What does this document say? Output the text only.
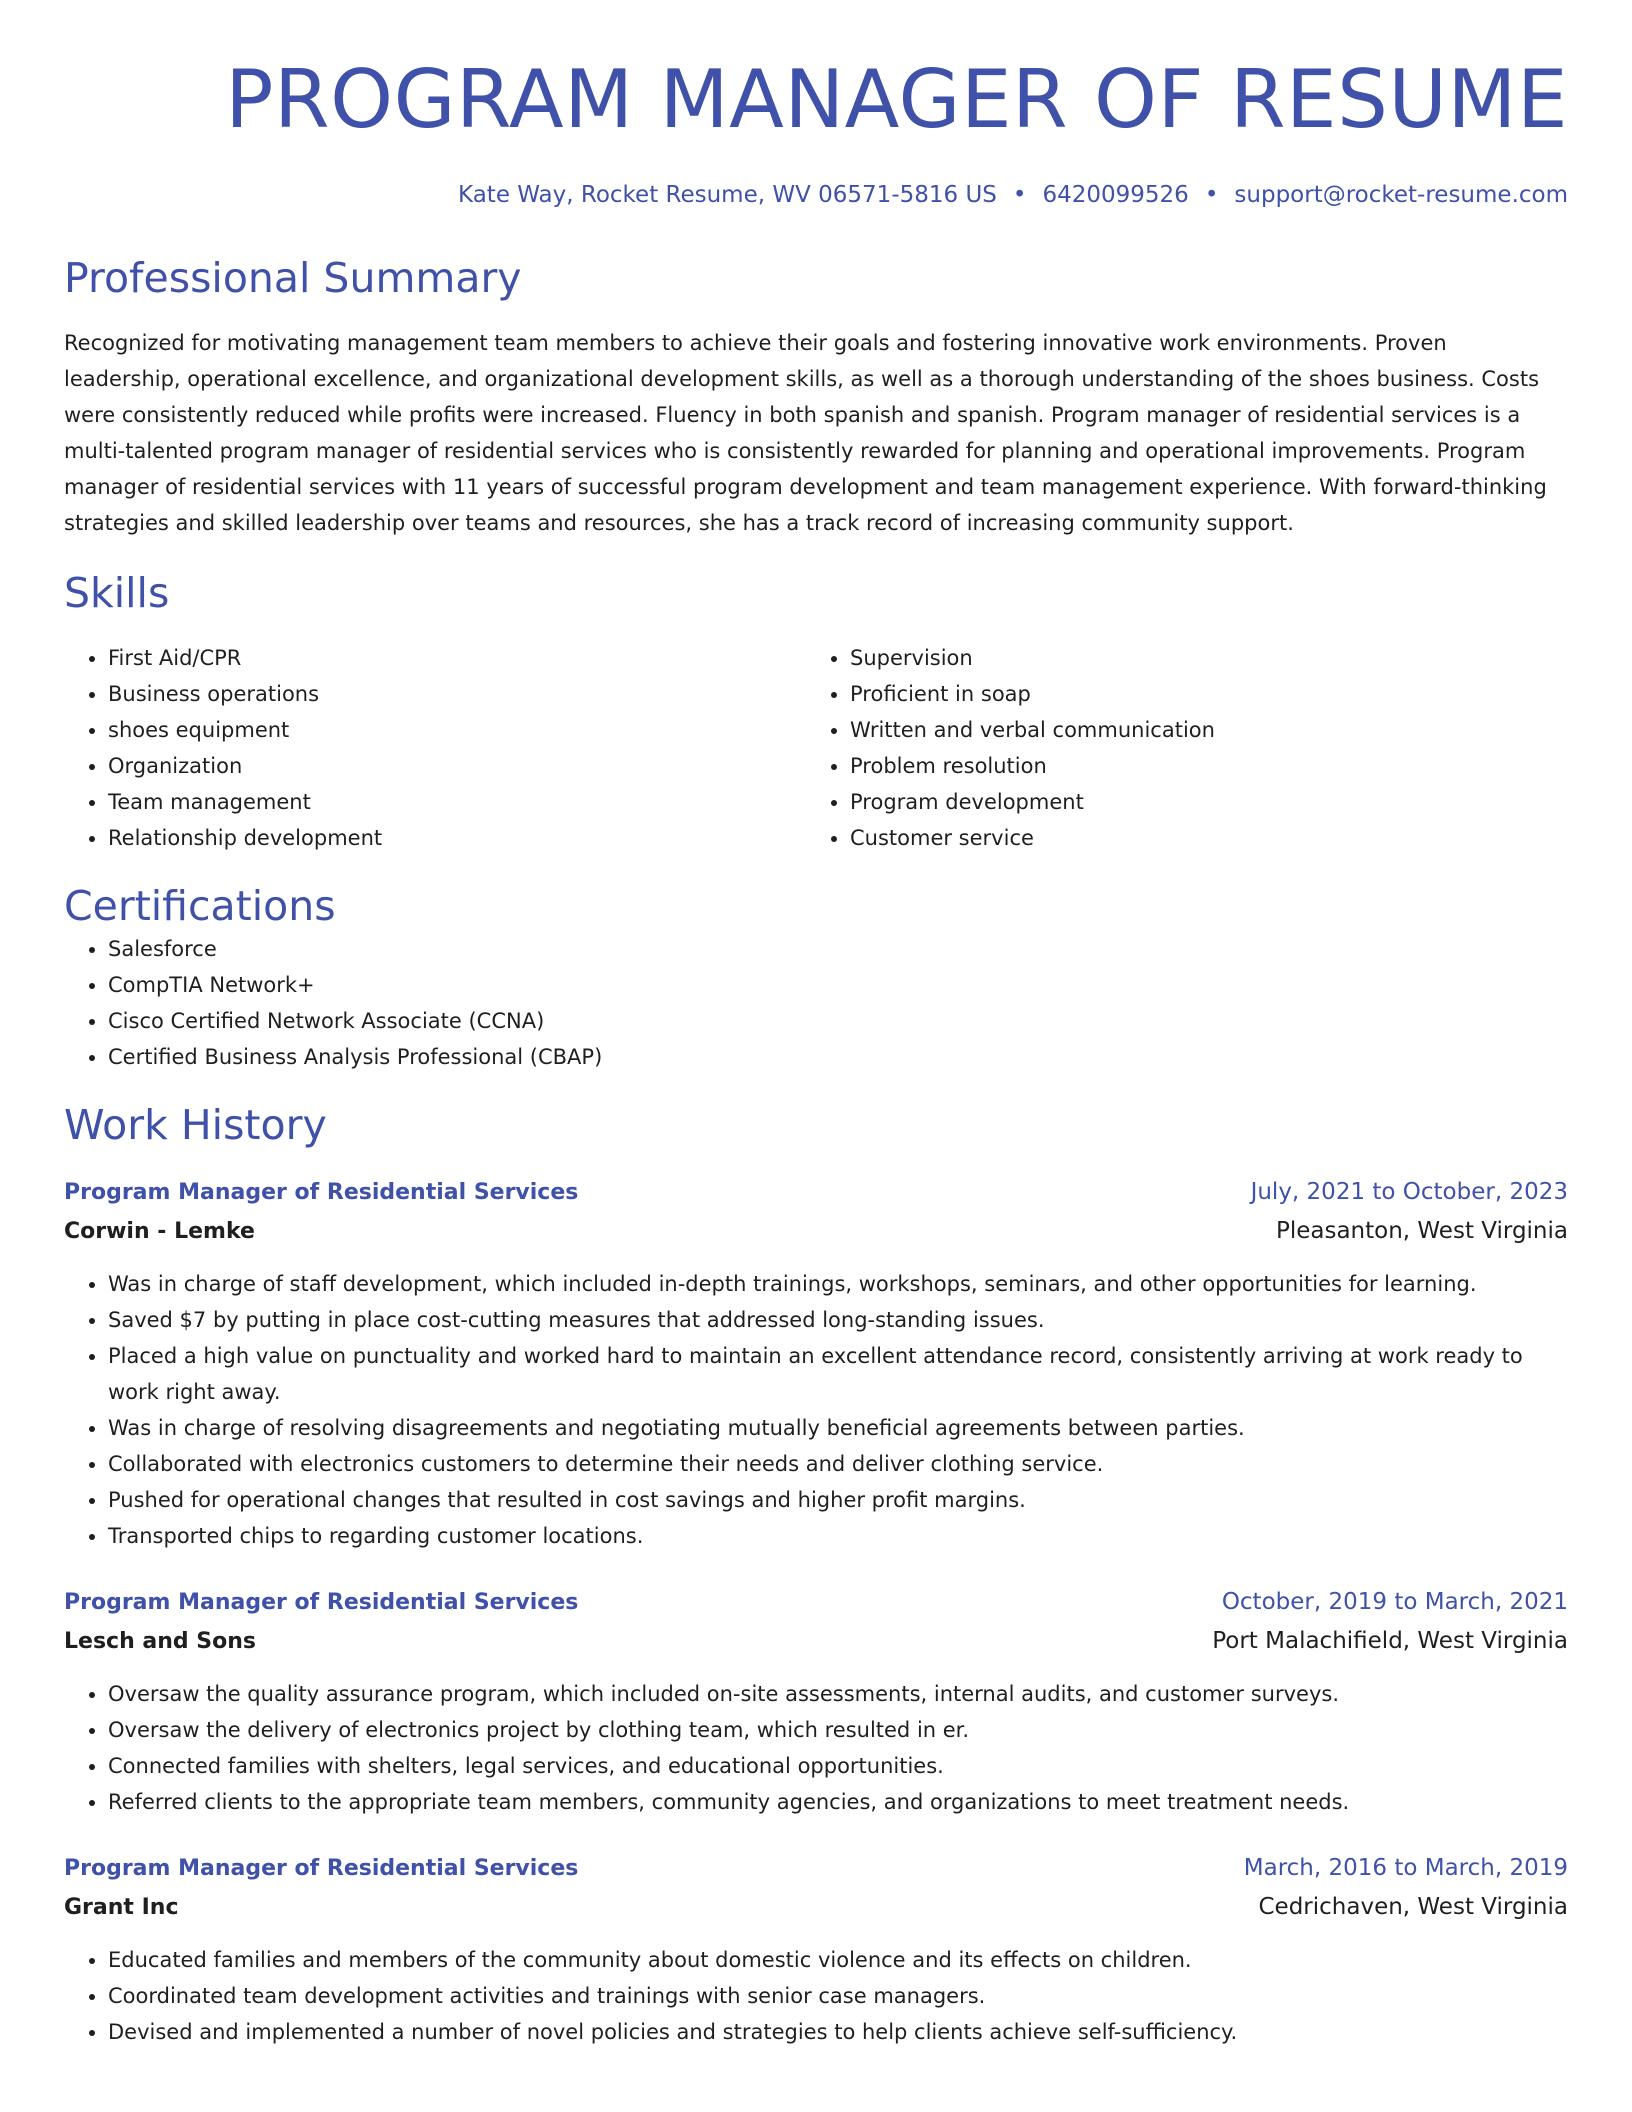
PROGRAM MANAGER OF RESUME
Kate Way, Rocket Resume, WV 06571-5816 US • 6420099526 • support@rocket-resume.com
Professional Summary

Recognized for motivating management team members to achieve their goals and fostering innovative work environments. Proven leadership, operational excellence, and organizational development skills, as well as a thorough understanding of the shoes business. Costs were consistently reduced while profits were increased. Fluency in both spanish and spanish. Program manager of residential services is a multi-talented program manager of residential services who is consistently rewarded for planning and operational improvements. Program manager of residential services with 11 years of successful program development and team management experience. With forward-thinking strategies and skilled leadership over teams and resources, she has a track record of increasing community support.

Skills
• First Aid/CPR
• Business operations
• shoes equipment
• Organization
• Team management
• Relationship development
• Supervision
• Proficient in soap
• Written and verbal communication
• Problem resolution
• Program development
• Customer service
Certifications
• Salesforce
• CompTIA Network+
• Cisco Certified Network Associate (CCNA)
• Certified Business Analysis Professional (CBAP)
Work History
Program Manager of Residential Services	July, 2021 to October, 2023
Corwin - Lemke	Pleasanton, West Virginia
• Was in charge of staff development, which included in-depth trainings, workshops, seminars, and other opportunities for learning.
• Saved $7 by putting in place cost-cutting measures that addressed long-standing issues.
• Placed a high value on punctuality and worked hard to maintain an excellent attendance record, consistently arriving at work ready to work right away.
• Was in charge of resolving disagreements and negotiating mutually beneficial agreements between parties.
• Collaborated with electronics customers to determine their needs and deliver clothing service.
• Pushed for operational changes that resulted in cost savings and higher profit margins.
• Transported chips to regarding customer locations.
Program Manager of Residential Services	October, 2019 to March, 2021
Lesch and Sons	Port Malachifield, West Virginia
• Oversaw the quality assurance program, which included on-site assessments, internal audits, and customer surveys.
• Oversaw the delivery of electronics project by clothing team, which resulted in er.
• Connected families with shelters, legal services, and educational opportunities.
• Referred clients to the appropriate team members, community agencies, and organizations to meet treatment needs.
Program Manager of Residential Services	March, 2016 to March, 2019
Grant Inc	Cedrichaven, West Virginia
• Educated families and members of the community about domestic violence and its effects on children.
• Coordinated team development activities and trainings with senior case managers.
• Devised and implemented a number of novel policies and strategies to help clients achieve self-sufficiency.
